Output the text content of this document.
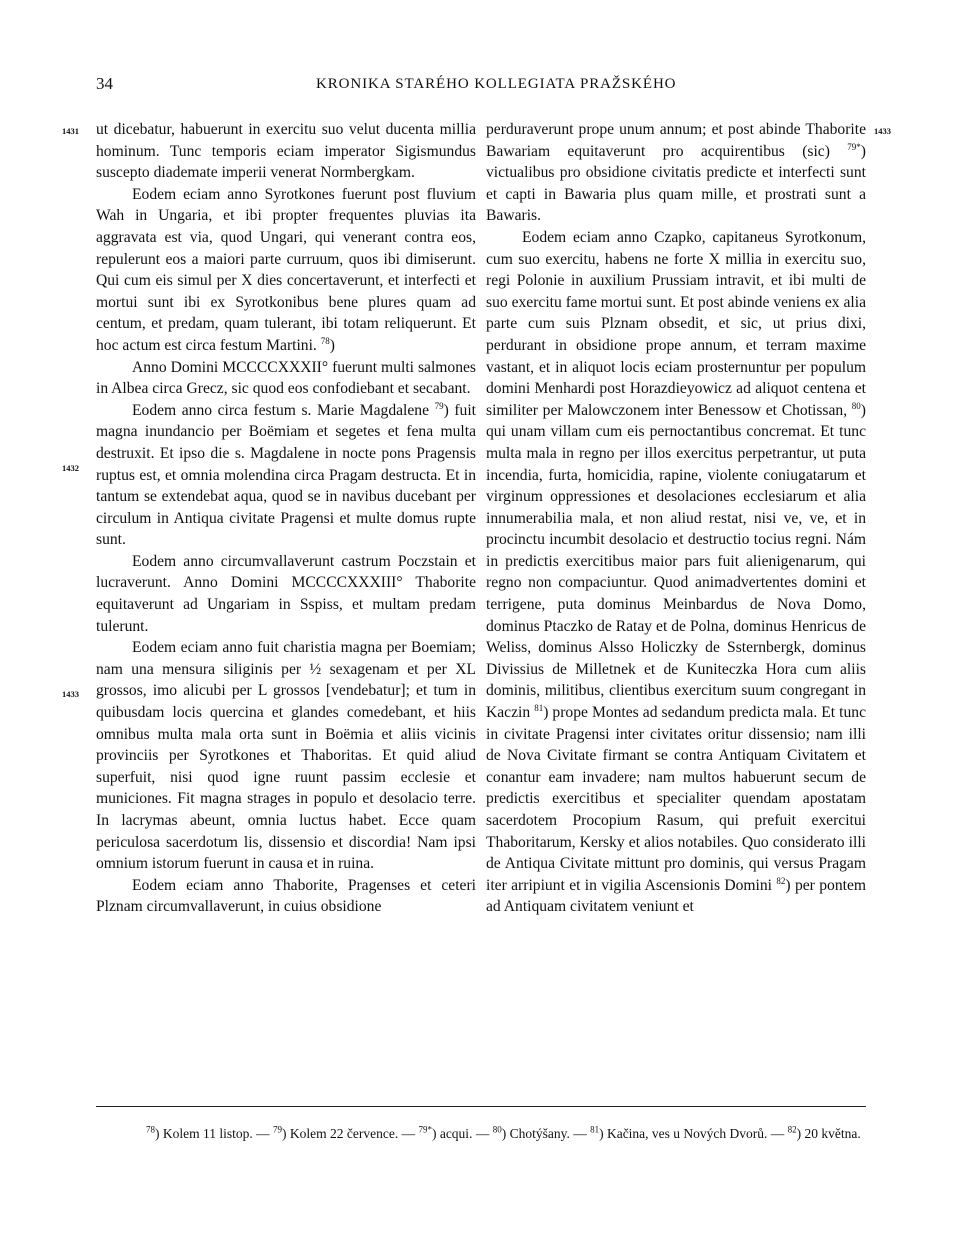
34	KRONIKA STARÉHO KOLLEGIATA PRAŽSKÉHO
1431
1432
1433
1433

ut dicebatur, habuerunt in exercitu suo velut ducenta millia hominum. Tunc temporis eciam imperator Sigismundus suscepto diademate imperii venerat Normbergkam.

Eodem eciam anno Syrotkones fuerunt post fluvium Wah in Ungaria, et ibi propter frequentes pluvias ita aggravata est via, quod Ungari, qui venerant contra eos, repulerunt eos a maiori parte curruum, quos ibi dimiserunt. Qui cum eis simul per X dies concertaverunt, et interfecti et mortui sunt ibi ex Syrotkonibus bene plures quam ad centum, et predam, quam tulerant, ibi totam reliquerunt. Et hoc actum est circa festum Martini. $^{78}$)

Anno Domini MCCCCXXXII° fuerunt multi salmones in Albea circa Grecz, sic quod eos confodiebant et secabant.

Eodem anno circa festum s. Marie Magdalene $^{79}$) fuit magna inundancio per Boëmiam et segetes et fena multa destruxit. Et ipso die s. Magdalene in nocte pons Pragensis ruptus est, et omnia molendina circa Pragam destructa. Et in tantum se extendebat aqua, quod se in navibus ducebant per circulum in Antiqua civitate Pragensi et multe domus rupte sunt.

Eodem anno circumvallaverunt castrum Poczstain et lucraverunt. Anno Domini MCCCCXXXIII° Thaborite equitaverunt ad Ungariam in Sspiss, et multam predam tulerunt.

Eodem eciam anno fuit charistia magna per Boemiam; nam una mensura siliginis per ½ sexagenam et per XL grossos, imo alicubi per L grossos [vendebatur]; et tum in quibusdam locis quercina et glandes comedebant, et hiis omnibus multa mala orta sunt in Boëmia et aliis vicinis provinciis per Syrotkones et Thaboritas. Et quid aliud superfuit, nisi quod igne ruunt passim ecclesie et municiones. Fit magna strages in populo et desolacio terre. In lacrymas abeunt, omnia luctus habet. Ecce quam periculosa sacerdotum lis, dissensio et discordia! Nam ipsi omnium istorum fuerunt in causa et in ruina.

Eodem eciam anno Thaborite, Pragenses et ceteri Plznam circumvallaverunt, in cuius obsidione

perduraverunt prope unum annum; et post abinde Thaborite Bawariam equitaverunt pro acquirentibus (sic) $^{79*}$) victualibus pro obsidione civitatis predicte et interfecti sunt et capti in Bawaria plus quam mille, et prostrati sunt a Bawaris.

Eodem eciam anno Czapko, capitaneus Syrotkonum, cum suo exercitu, habens ne forte X millia in exercitu suo, regi Polonie in auxilium Prussiam intravit, et ibi multi de suo exercitu fame mortui sunt. Et post abinde veniens ex alia parte cum suis Plznam obsedit, et sic, ut prius dixi, perdurant in obsidione prope annum, et terram maxime vastant, et in aliquot locis eciam prosternuntur per populum domini Menhardi post Horazdieyowicz ad aliquot centena et similiter per Malowczonem inter Benessow et Chotissan, $^{80}$) qui unam villam cum eis pernoctantibus concremat. Et tunc multa mala in regno per illos exercitus perpetrantur, ut puta incendia, furta, homicidia, rapine, violente coniugatarum et virginum oppressiones et desolaciones ecclesiarum et alia innumerabilia mala, et non aliud restat, nisi ve, ve, et in procinctu incumbit desolacio et destructio tocius regni. Nám in predictis exercitibus maior pars fuit alienigenarum, qui regno non compaciuntur. Quod animadvertentes domini et terrigene, puta dominus Meinbardus de Nova Domo, dominus Ptaczko de Ratay et de Polna, dominus Henricus de Weliss, dominus Alsso Holiczky de Ssternbergk, dominus Divissius de Milletnek et de Kuniteczka Hora cum aliis dominis, militibus, clientibus exercitum suum congregant in Kaczin $^{81}$) prope Montes ad sedandum predicta mala. Et tunc in civitate Pragensi inter civitates oritur dissensio; nam illi de Nova Civitate firmant se contra Antiquam Civitatem et conantur eam invadere; nam multos habuerunt secum de predictis exercitibus et specialiter quendam apostatam sacerdotem Procopium Rasum, qui prefuit exercitui Thaboritarum, Kersky et alios notabiles. Quo considerato illi de Antiqua Civitate mittunt pro dominis, qui versus Pragam iter arripiunt et in vigilia Ascensionis Domini $^{82}$) per pontem ad Antiquam civitatem veniunt et

$^{78}$) Kolem 11 listop. — $^{79}$) Kolem 22 července. — $^{79*}$) acqui. — $^{80}$) Chotýšany. — $^{81}$) Kačina, ves u Nových Dvorů. — $^{82}$) 20 května.
